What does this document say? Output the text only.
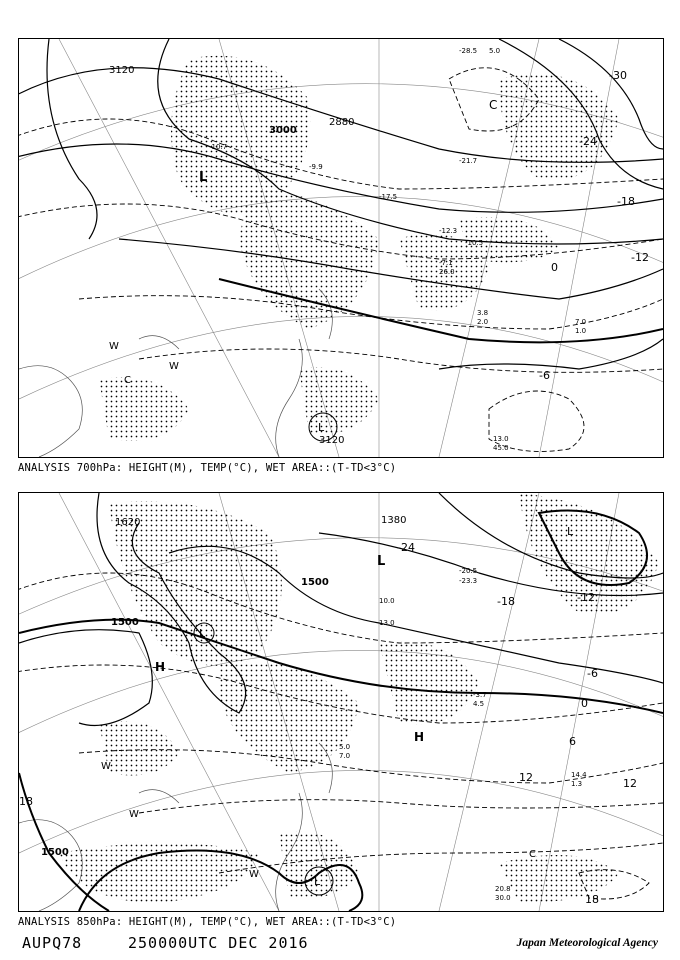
3120
3000
2880
3120
-24
-18
-12
-6
0
-30
L
L
C
W
W
C
-10.7
-9.9
-21.7
-17.5
3.8
2.0
13.0
45.0
7.0
1.0
-12.3
-10.5
-7.1
26.0
-28.5 5.0
ANALYSIS 700hPa: HEIGHT(M), TEMP(°C), WET AREA::(T-TD<3°C)
1620
1500
1500
1500
1380
-24
-18	-12
-6
0
6
12
18
12
18
L
L
H
H
L
L
W
W
C
W
-20.5
-23.3
5.0
7.0
20.8
30.0
14.4
1.3
-3.7
4.5
10.0
13.0
ANALYSIS 850hPa: HEIGHT(M), TEMP(°C), WET AREA::(T-TD<3°C)
AUPQ78	250000UTC DEC 2016	Japan Meteorological Agency
